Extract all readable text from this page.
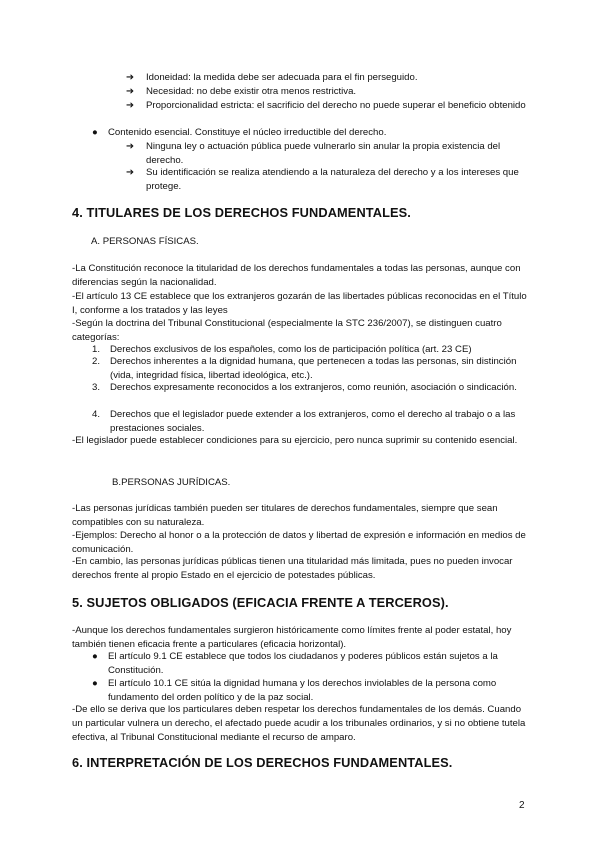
➔	Idoneidad: la medida debe ser adecuada para el fin perseguido.
➔	Necesidad: no debe existir otra menos restrictiva.
➔	Proporcionalidad estricta: el sacrificio del derecho no puede superar el beneficio obtenido
●	Contenido esencial. Constituye el núcleo irreductible del derecho.
➔	Ninguna ley o actuación pública puede vulnerarlo sin anular la propia existencia del derecho.
➔	Su identificación se realiza atendiendo a la naturaleza del derecho y a los intereses que protege.
4. TITULARES DE LOS DERECHOS FUNDAMENTALES.
A. PERSONAS FÍSICAS.
-La Constitución reconoce la titularidad de los derechos fundamentales a todas las personas, aunque con diferencias según la nacionalidad.
-El artículo 13 CE establece que los extranjeros gozarán de las libertades públicas reconocidas en el Título I, conforme a los tratados y las leyes
-Según la doctrina del Tribunal Constitucional (especialmente la STC 236/2007), se distinguen cuatro categorías:
1.	Derechos exclusivos de los españoles, como los de participación política (art. 23 CE)
2.	Derechos inherentes a la dignidad humana, que pertenecen a todas las personas, sin distinción (vida, integridad física, libertad ideológica, etc.).
3.	Derechos expresamente reconocidos a los extranjeros, como reunión, asociación o sindicación.
4.	Derechos que el legislador puede extender a los extranjeros, como el derecho al trabajo o a las prestaciones sociales.
-El legislador puede establecer condiciones para su ejercicio, pero nunca suprimir su contenido esencial.
B.PERSONAS JURÍDICAS.
-Las personas jurídicas también pueden ser titulares de derechos fundamentales, siempre que sean compatibles con su naturaleza.
-Ejemplos: Derecho al honor o a la protección de datos y libertad de expresión e información en medios de comunicación.
-En cambio, las personas jurídicas públicas tienen una titularidad más limitada, pues no pueden invocar derechos frente al propio Estado en el ejercicio de potestades públicas.
5. SUJETOS OBLIGADOS (EFICACIA FRENTE A TERCEROS).
-Aunque los derechos fundamentales surgieron históricamente como límites frente al poder estatal, hoy también tienen eficacia frente a particulares (eficacia horizontal).
●	El artículo 9.1 CE establece que todos los ciudadanos y poderes públicos están sujetos a la Constitución.
●	El artículo 10.1 CE sitúa la dignidad humana y los derechos inviolables de la persona como fundamento del orden político y de la paz social.
-De ello se deriva que los particulares deben respetar los derechos fundamentales de los demás. Cuando un particular vulnera un derecho, el afectado puede acudir a los tribunales ordinarios, y si no obtiene tutela efectiva, al Tribunal Constitucional mediante el recurso de amparo.
6. INTERPRETACIÓN DE LOS DERECHOS FUNDAMENTALES.
2
